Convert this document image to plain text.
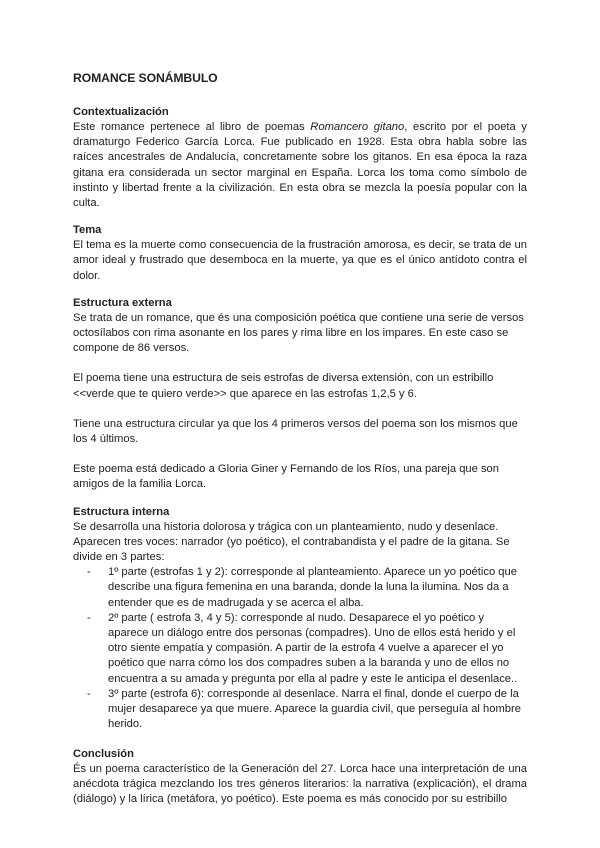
ROMANCE SONÁMBULO
Contextualización

Este romance pertenece al libro de poemas Romancero gitano, escrito por el poeta y dramaturgo Federico García Lorca. Fue publicado en 1928. Esta obra habla sobre las raíces ancestrales de Andalucía, concretamente sobre los gitanos. En esa época la raza gitana era considerada un sector marginal en España. Lorca los toma como símbolo de instinto y libertad frente a la civilización. En esta obra se mezcla la poesía popular con la culta.

Tema

El tema es la muerte como consecuencia de la frustración amorosa, es decir, se trata de un amor ideal y frustrado que desemboca en la muerte, ya que es el único antídoto contra el dolor.

Estructura externa

Se trata de un romance, que és una composición poética que contiene una serie de versos octosílabos con rima asonante en los pares y rima libre en los impares. En este caso se compone de 86 versos.

El poema tiene una estructura de seis estrofas de diversa extensión, con un estribillo <<verde que te quiero verde>> que aparece en las estrofas 1,2,5 y 6.

Tiene una estructura circular ya que los 4 primeros versos del poema son los mismos que los 4 últimos.

Este poema está dedicado a Gloria Giner y Fernando de los Ríos, una pareja que son amigos de la familia Lorca.

Estructura interna

Se desarrolla una historia dolorosa y trágica con un planteamiento, nudo y desenlace. Aparecen tres voces: narrador (yo poético), el contrabandista y el padre de la gitana. Se divide en 3 partes:

- 1º parte (estrofas 1 y 2): corresponde al planteamiento. Aparece un yo poético que describe una figura femenina en una baranda, donde la luna la ilumina. Nos da a entender que es de madrugada y se acerca el alba.
- 2º parte ( estrofa 3, 4 y 5): corresponde al nudo. Desaparece el yo poético y aparece un diálogo entre dos personas (compadres). Uno de ellos está herido y el otro siente empatía y compasión. A partir de la estrofa 4 vuelve a aparecer el yo poético que narra cómo los dos compadres suben a la baranda y uno de ellos no encuentra a su amada y pregunta por ella al padre y este le anticipa el desenlace..
- 3º parte (estrofa 6): corresponde al desenlace. Narra el final, donde el cuerpo de la mujer desaparece ya que muere. Aparece la guardia civil, que perseguía al hombre herido.
Conclusión

És un poema característico de la Generación del 27. Lorca hace una interpretación de una anécdota trágica mezclando los tres géneros literarios: la narrativa (explicación), el drama (diálogo) y la lírica (metáfora, yo poético). Este poema es más conocido por su estribillo
